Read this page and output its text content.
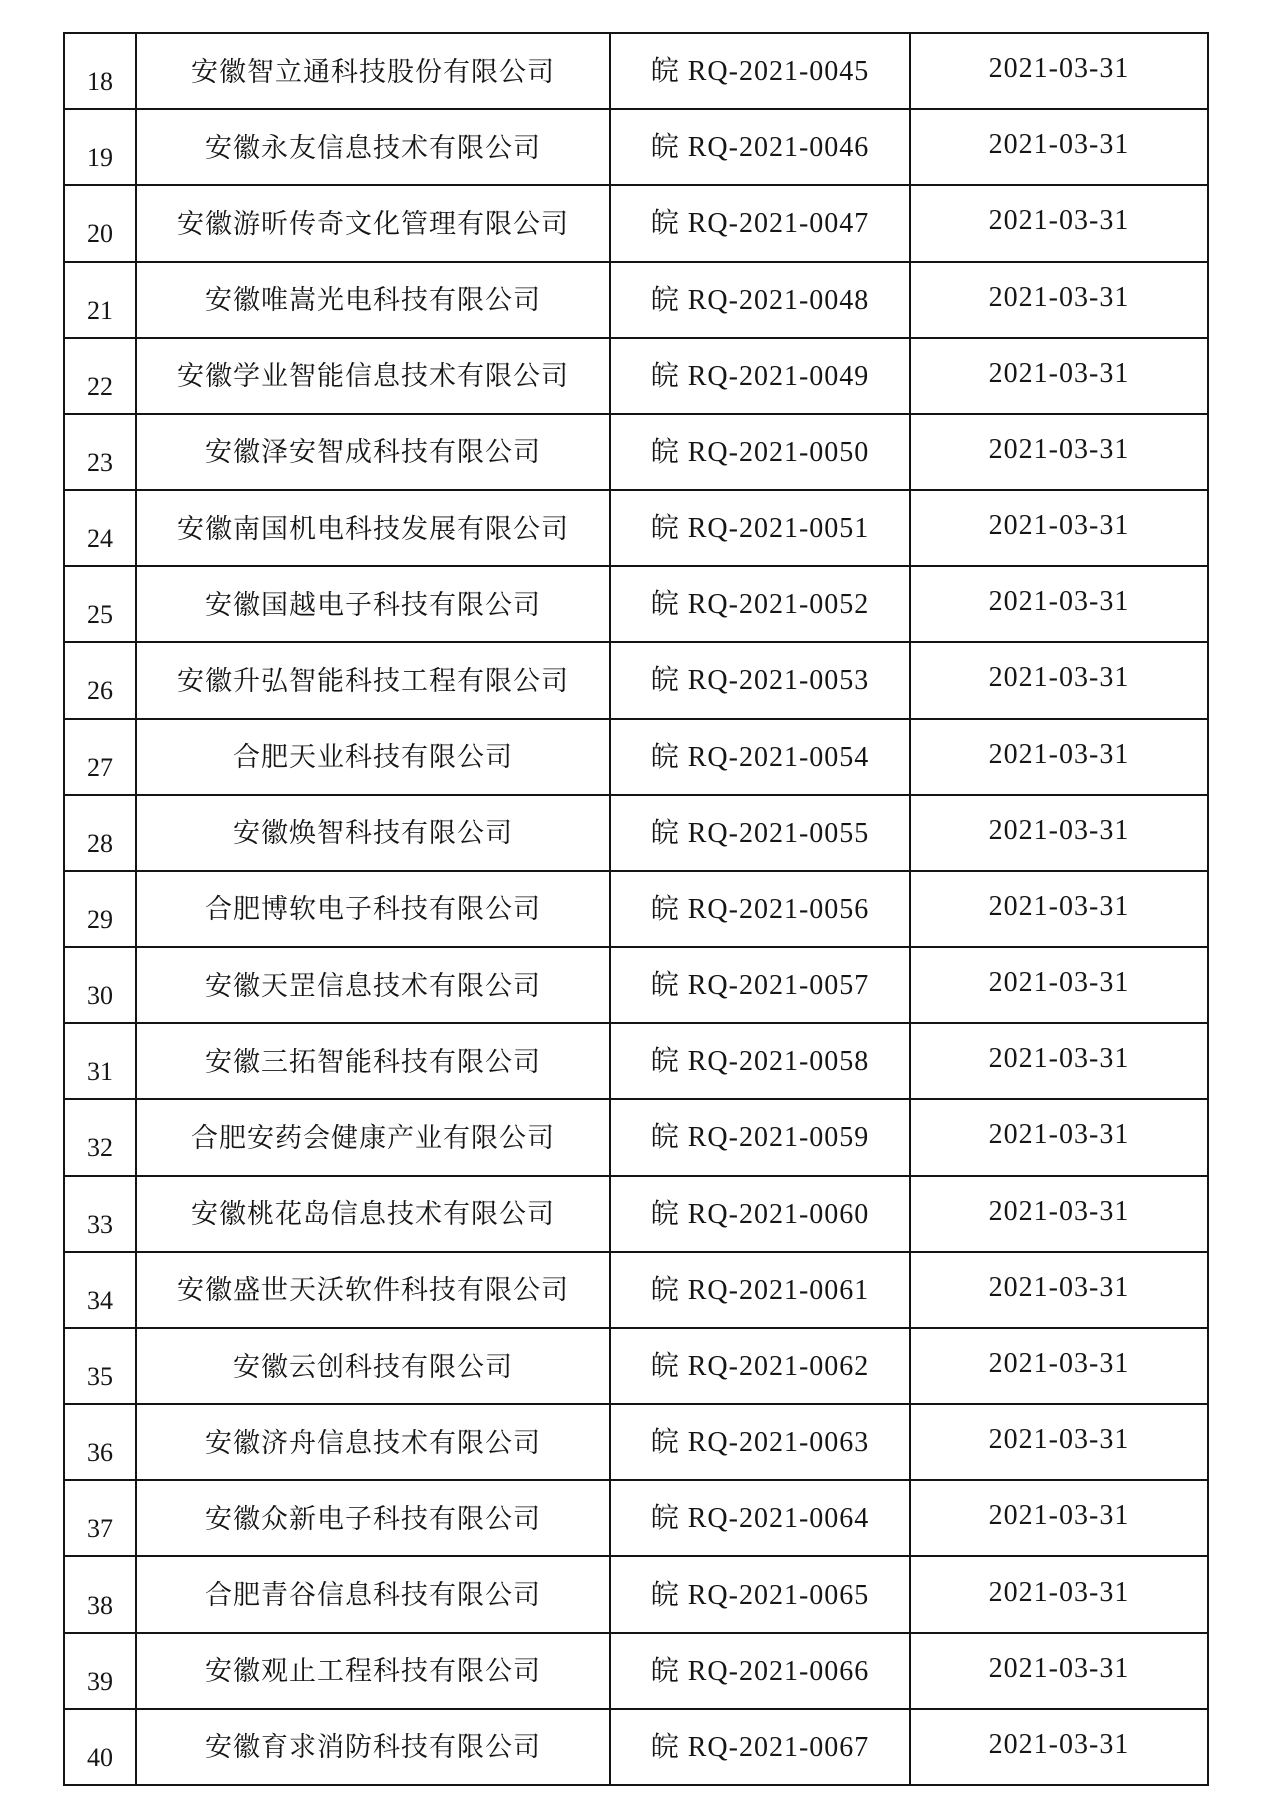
18	安徽智立通科技股份有限公司	皖 RQ-2021-0045	2021-03-31
19	安徽永友信息技术有限公司	皖 RQ-2021-0046	2021-03-31
20	安徽游昕传奇文化管理有限公司	皖 RQ-2021-0047	2021-03-31
21	安徽唯嵩光电科技有限公司	皖 RQ-2021-0048	2021-03-31
22	安徽学业智能信息技术有限公司	皖 RQ-2021-0049	2021-03-31
23	安徽泽安智成科技有限公司	皖 RQ-2021-0050	2021-03-31
24	安徽南国机电科技发展有限公司	皖 RQ-2021-0051	2021-03-31
25	安徽国越电子科技有限公司	皖 RQ-2021-0052	2021-03-31
26	安徽升弘智能科技工程有限公司	皖 RQ-2021-0053	2021-03-31
27	合肥天业科技有限公司	皖 RQ-2021-0054	2021-03-31
28	安徽焕智科技有限公司	皖 RQ-2021-0055	2021-03-31
29	合肥博软电子科技有限公司	皖 RQ-2021-0056	2021-03-31
30	安徽天罡信息技术有限公司	皖 RQ-2021-0057	2021-03-31
31	安徽三拓智能科技有限公司	皖 RQ-2021-0058	2021-03-31
32	合肥安药会健康产业有限公司	皖 RQ-2021-0059	2021-03-31
33	安徽桃花岛信息技术有限公司	皖 RQ-2021-0060	2021-03-31
34	安徽盛世天沃软件科技有限公司	皖 RQ-2021-0061	2021-03-31
35	安徽云创科技有限公司	皖 RQ-2021-0062	2021-03-31
36	安徽济舟信息技术有限公司	皖 RQ-2021-0063	2021-03-31
37	安徽众新电子科技有限公司	皖 RQ-2021-0064	2021-03-31
38	合肥青谷信息科技有限公司	皖 RQ-2021-0065	2021-03-31
39	安徽观止工程科技有限公司	皖 RQ-2021-0066	2021-03-31
40	安徽育求消防科技有限公司	皖 RQ-2021-0067	2021-03-31
